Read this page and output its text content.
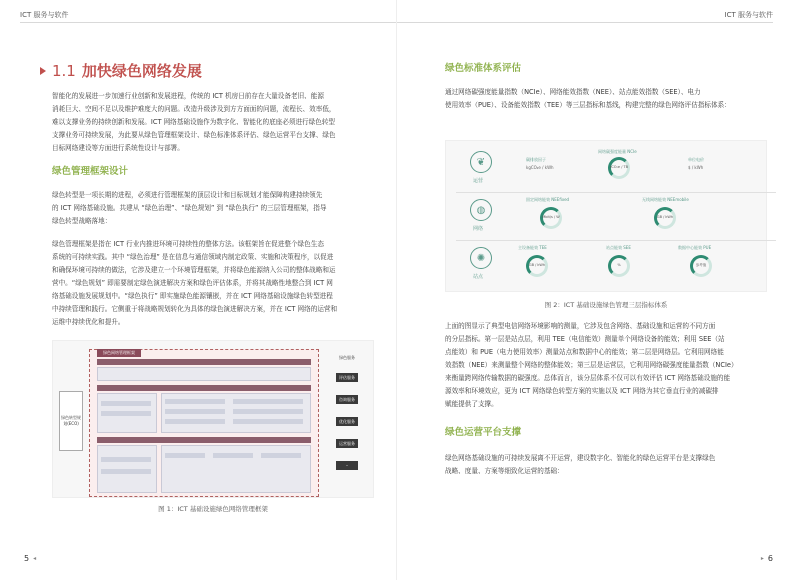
ICT 服务与软件
1.1 加快绿色网络发展
智能化的发展进一步加速行业创新和发展进程，传统的 ICT 机房日前存在大量设备老旧、能源
消耗巨大、空间不足以及维护难度大的问题。改造升级涉及到方方面面的问题，流程长、效率低，
难以支撑业务的持续创新和发展。ICT 网络基础设施作为数字化、智能化的底座必须进行绿色转型
支撑业务可持续发展，为此要从绿色管理框架设计、绿色标准体系评估、绿色运营平台支撑、绿色
目标网络建设等方面进行系统性设计与部署。
绿色管理框架设计
绿色转型是一项长期的进程，必须进行管理框架的顶层设计和目标规划才能保障构建持续领先
的 ICT 网络基础设施。共建从 “绿色治理”、“绿色规划” 到 “绿色执行” 的三层管理框架，指导
绿色转型战略落地：
绿色管理框架是指在 ICT 行业内推进环境可持续性的整体方法。该框架旨在促进整个绿色生态
系统的可持续实践。其中 “绿色治理” 是在信息与通信领域内制定政策、实施和决策程序，以促进
和确保环境可持续的做法，它涉及建立一个环境管理框架，并将绿色能源纳入公司的整体战略和运
营中。“绿色规划” 即需要制定绿色演进解决方案和绿色评估体系，并将其战略性地整合到 ICT 网
络基础设施发展规划中。“绿色执行” 即实施绿色能源镶嵌，并在 ICT 网络基础设施绿色转型进程
中持续管理和践行。它侧重于将战略规划转化为具体的绿色演进解决方案，并在 ICT 网络的运营和
运维中持续优化和提升。
绿色网络管理框架
绿色转型规划(ECO)
绿色服务
评估服务
咨询服务
优化服务
运营服务
–
图 1：ICT 基础设施绿色网络管理框架
5 ◂
ICT 服务与软件
绿色标准体系评估
通过网络碳强度能量指数（NCIe）、网络能效指数（NEE）、站点能效指数（SEE）、电力
使用效率（PUE）、设备能效指数（TEE）等三层指标和基线，构建完整的绿色网络评估指标体系：
❦
运营
碳排放因子
kgCO₂e / kWh
网络碳强度能量 NCIe
tCO₂e / TB
单位电价
$ / kWh
◍
网络
固定网络能效 NEEfixed
Mbit/s / W
无线网络能效 NEEmobile
GB / kWh
✺
站点
主设备能效 TEE
GB / kWh
站点能效 SEE
%
数据中心能效 PUE
参考值
图 2：ICT 基础设施绿色管理三层指标体系
上面的图显示了典型电信网络环境影响的测量，它涉及包含网络、基础设施和运营的不同方面
的分层指标。第一层是站点层，利用 TEE（电信能效）测量单个网络设备的能效；利用 SEE（站
点能效）和 PUE（电力使用效率）测量站点和数据中心的能效；第二层是网络层。它利用网络能
效指数（NEE）来测量整个网络的整体能效；第三层是运营层，它利用网络碳强度能量指数（NCIe）
来衡量跨网络传输数据的碳强度。总体而言，该分层体系不仅可以有效评估 ICT 网络基础设施的能
源效率和环境效应，更为 ICT 网络绿色转型方案的实施以及 ICT 网络为其它垂直行业的减碳排
赋能提供了支撑。
绿色运营平台支撑
绿色网络基础设施的可持续发展离不开运营，建设数字化、智能化的绿色运营平台是支撑绿色
战略、度量、方案等细致化运营的基础：
▸ 6
